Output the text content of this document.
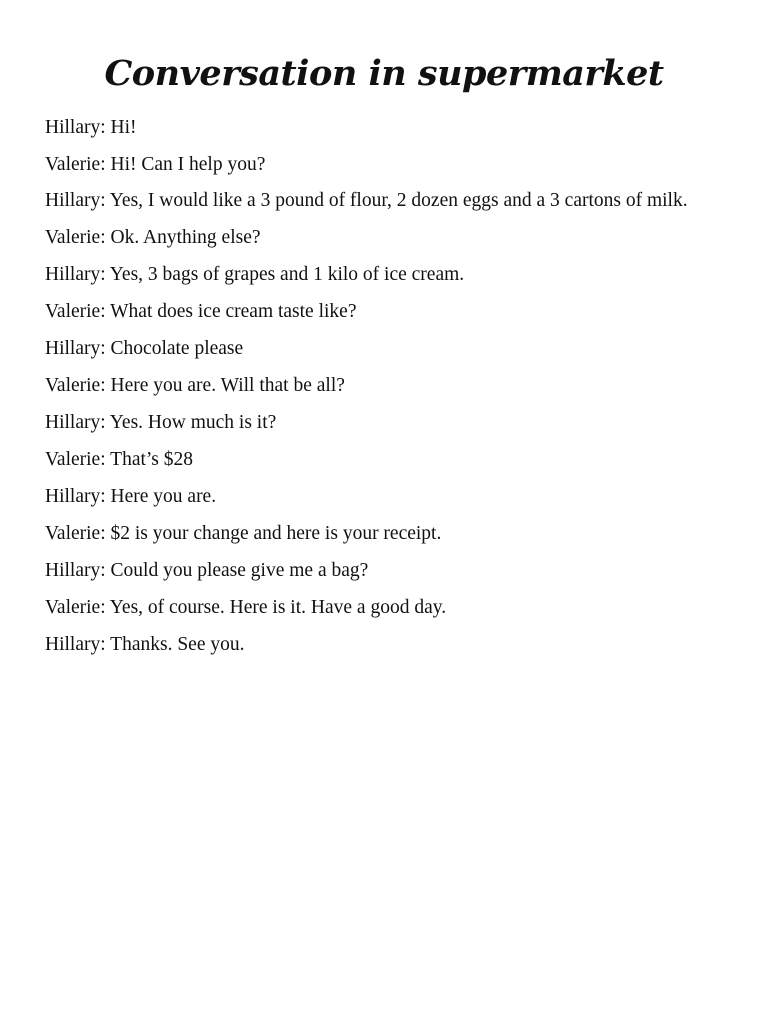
Conversation in supermarket

Hillary: Hi!

Valerie: Hi! Can I help you?

Hillary: Yes, I would like a 3 pound of flour, 2 dozen eggs and a 3 cartons of milk.

Valerie: Ok. Anything else?

Hillary: Yes, 3 bags of grapes and 1 kilo of ice cream.

Valerie: What does ice cream taste like?

Hillary: Chocolate please

Valerie: Here you are. Will that be all?

Hillary: Yes. How much is it?

Valerie: That’s $28

Hillary: Here you are.

Valerie: $2 is your change and here is your receipt.

Hillary: Could you please give me a bag?

Valerie: Yes, of course. Here is it. Have a good day.

Hillary: Thanks. See you.
